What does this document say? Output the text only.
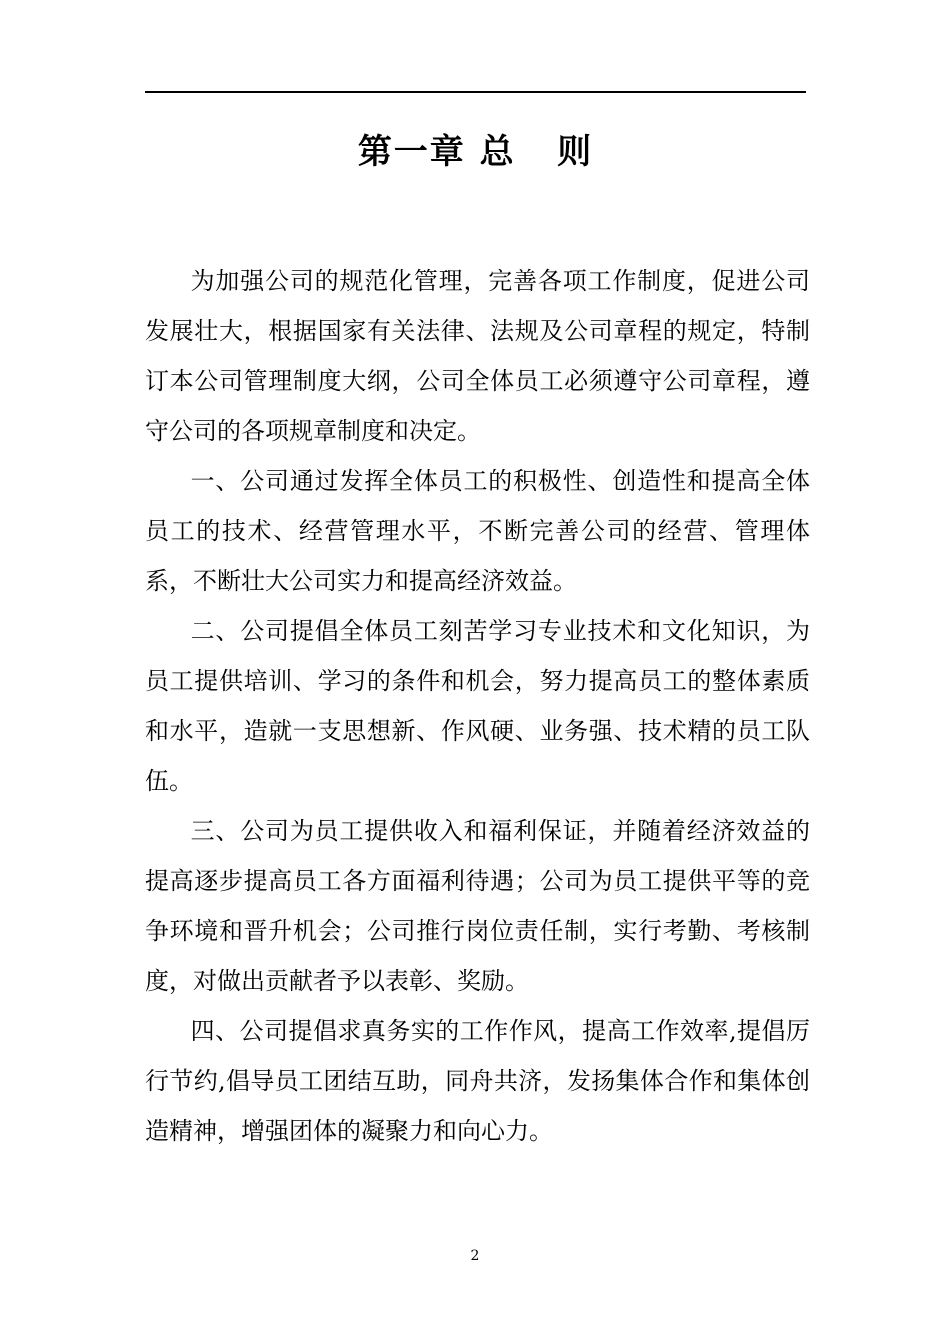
第一章 总   则

为加强公司的规范化管理，完善各项工作制度，促进公司发展壮大，根据国家有关法律、法规及公司章程的规定，特制订本公司管理制度大纲，公司全体员工必须遵守公司章程，遵守公司的各项规章制度和决定。

一、公司通过发挥全体员工的积极性、创造性和提高全体员工的技术、经营管理水平，不断完善公司的经营、管理体系，不断壮大公司实力和提高经济效益。

二、公司提倡全体员工刻苦学习专业技术和文化知识，为员工提供培训、学习的条件和机会，努力提高员工的整体素质和水平，造就一支思想新、作风硬、业务强、技术精的员工队伍。

三、公司为员工提供收入和福利保证，并随着经济效益的提高逐步提高员工各方面福利待遇；公司为员工提供平等的竞争环境和晋升机会；公司推行岗位责任制，实行考勤、考核制度，对做出贡献者予以表彰、奖励。

四、公司提倡求真务实的工作作风，提高工作效率,提倡厉行节约,倡导员工团结互助，同舟共济，发扬集体合作和集体创造精神，增强团体的凝聚力和向心力。

2
